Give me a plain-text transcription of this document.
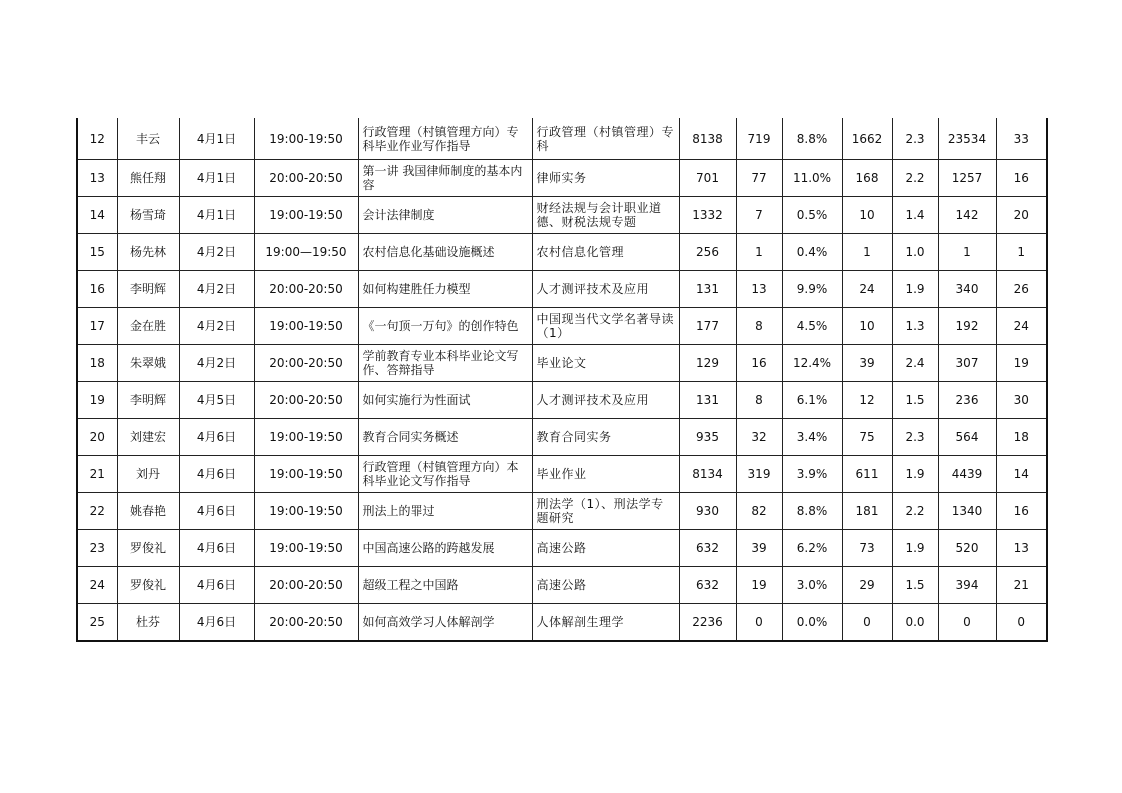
12	丰云	4月1日	19:00-19:50	行政管理（村镇管理方向）专科毕业作业写作指导	行政管理（村镇管理）专科	8138	719	8.8%	1662	2.3	23534	33
13	熊任翔	4月1日	20:00-20:50	第一讲 我国律师制度的基本内容	律师实务	701	77	11.0%	168	2.2	1257	16
14	杨雪琦	4月1日	19:00-19:50	会计法律制度	财经法规与会计职业道德、财税法规专题	1332	7	0.5%	10	1.4	142	20
15	杨先林	4月2日	19:00—19:50	农村信息化基础设施概述	农村信息化管理	256	1	0.4%	1	1.0	1	1
16	李明辉	4月2日	20:00-20:50	如何构建胜任力模型	人才测评技术及应用	131	13	9.9%	24	1.9	340	26
17	金在胜	4月2日	19:00-19:50	《一句顶一万句》的创作特色	中国现当代文学名著导读（1）	177	8	4.5%	10	1.3	192	24
18	朱翠娥	4月2日	20:00-20:50	学前教育专业本科毕业论文写作、答辩指导	毕业论文	129	16	12.4%	39	2.4	307	19
19	李明辉	4月5日	20:00-20:50	如何实施行为性面试	人才测评技术及应用	131	8	6.1%	12	1.5	236	30
20	刘建宏	4月6日	19:00-19:50	教育合同实务概述	教育合同实务	935	32	3.4%	75	2.3	564	18
21	刘丹	4月6日	19:00-19:50	行政管理（村镇管理方向）本科毕业论文写作指导	毕业作业	8134	319	3.9%	611	1.9	4439	14
22	姚春艳	4月6日	19:00-19:50	刑法上的罪过	刑法学（1）、刑法学专题研究	930	82	8.8%	181	2.2	1340	16
23	罗俊礼	4月6日	19:00-19:50	中国高速公路的跨越发展	高速公路	632	39	6.2%	73	1.9	520	13
24	罗俊礼	4月6日	20:00-20:50	超级工程之中国路	高速公路	632	19	3.0%	29	1.5	394	21
25	杜芬	4月6日	20:00-20:50	如何高效学习人体解剖学	人体解剖生理学	2236	0	0.0%	0	0.0	0	0
